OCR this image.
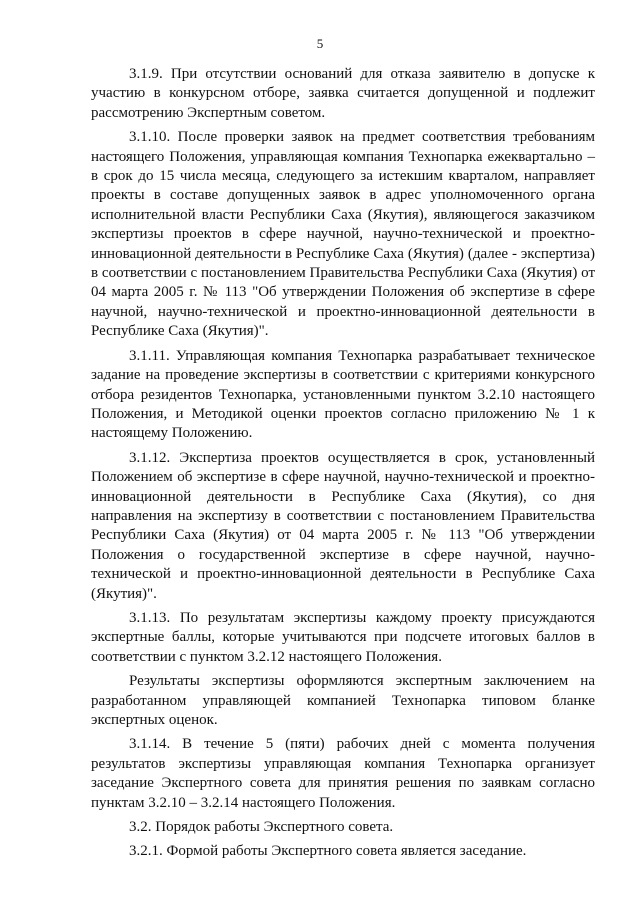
5

3.1.9. При отсутствии оснований для отказа заявителю в допуске к участию в конкурсном отборе, заявка считается допущенной и подлежит рассмотрению Экспертным советом.

3.1.10. После проверки заявок на предмет соответствия требованиям настоящего Положения, управляющая компания Технопарка ежеквартально – в срок до 15 числа месяца, следующего за истекшим кварталом, направляет проекты в составе допущенных заявок в адрес уполномоченного органа исполнительной власти Республики Саха (Якутия), являющегося заказчиком экспертизы проектов в сфере научной, научно-технической и проектно-инновационной деятельности в Республике Саха (Якутия) (далее - экспертиза) в соответствии с постановлением Правительства Республики Саха (Якутия) от 04 марта 2005 г. № 113 "Об утверждении Положения об экспертизе в сфере научной, научно-технической и проектно-инновационной деятельности в Республике Саха (Якутия)".

3.1.11. Управляющая компания Технопарка разрабатывает техническое задание на проведение экспертизы в соответствии с критериями конкурсного отбора резидентов Технопарка, установленными пунктом 3.2.10 настоящего Положения, и Методикой оценки проектов согласно приложению № 1 к настоящему Положению.

3.1.12. Экспертиза проектов осуществляется в срок, установленный Положением об экспертизе в сфере научной, научно-технической и проектно-инновационной деятельности в Республике Саха (Якутия), со дня направления на экспертизу в соответствии с постановлением Правительства Республики Саха (Якутия) от 04 марта 2005 г. № 113 "Об утверждении Положения о государственной экспертизе в сфере научной, научно-технической и проектно-инновационной деятельности в Республике Саха (Якутия)".

3.1.13. По результатам экспертизы каждому проекту присуждаются экспертные баллы, которые учитываются при подсчете итоговых баллов в соответствии с пунктом 3.2.12 настоящего Положения.

Результаты экспертизы оформляются экспертным заключением на разработанном управляющей компанией Технопарка типовом бланке экспертных оценок.

3.1.14. В течение 5 (пяти) рабочих дней с момента получения результатов экспертизы управляющая компания Технопарка организует заседание Экспертного совета для принятия решения по заявкам согласно пунктам 3.2.10 – 3.2.14 настоящего Положения.

3.2. Порядок работы Экспертного совета.

3.2.1. Формой работы Экспертного совета является заседание.
